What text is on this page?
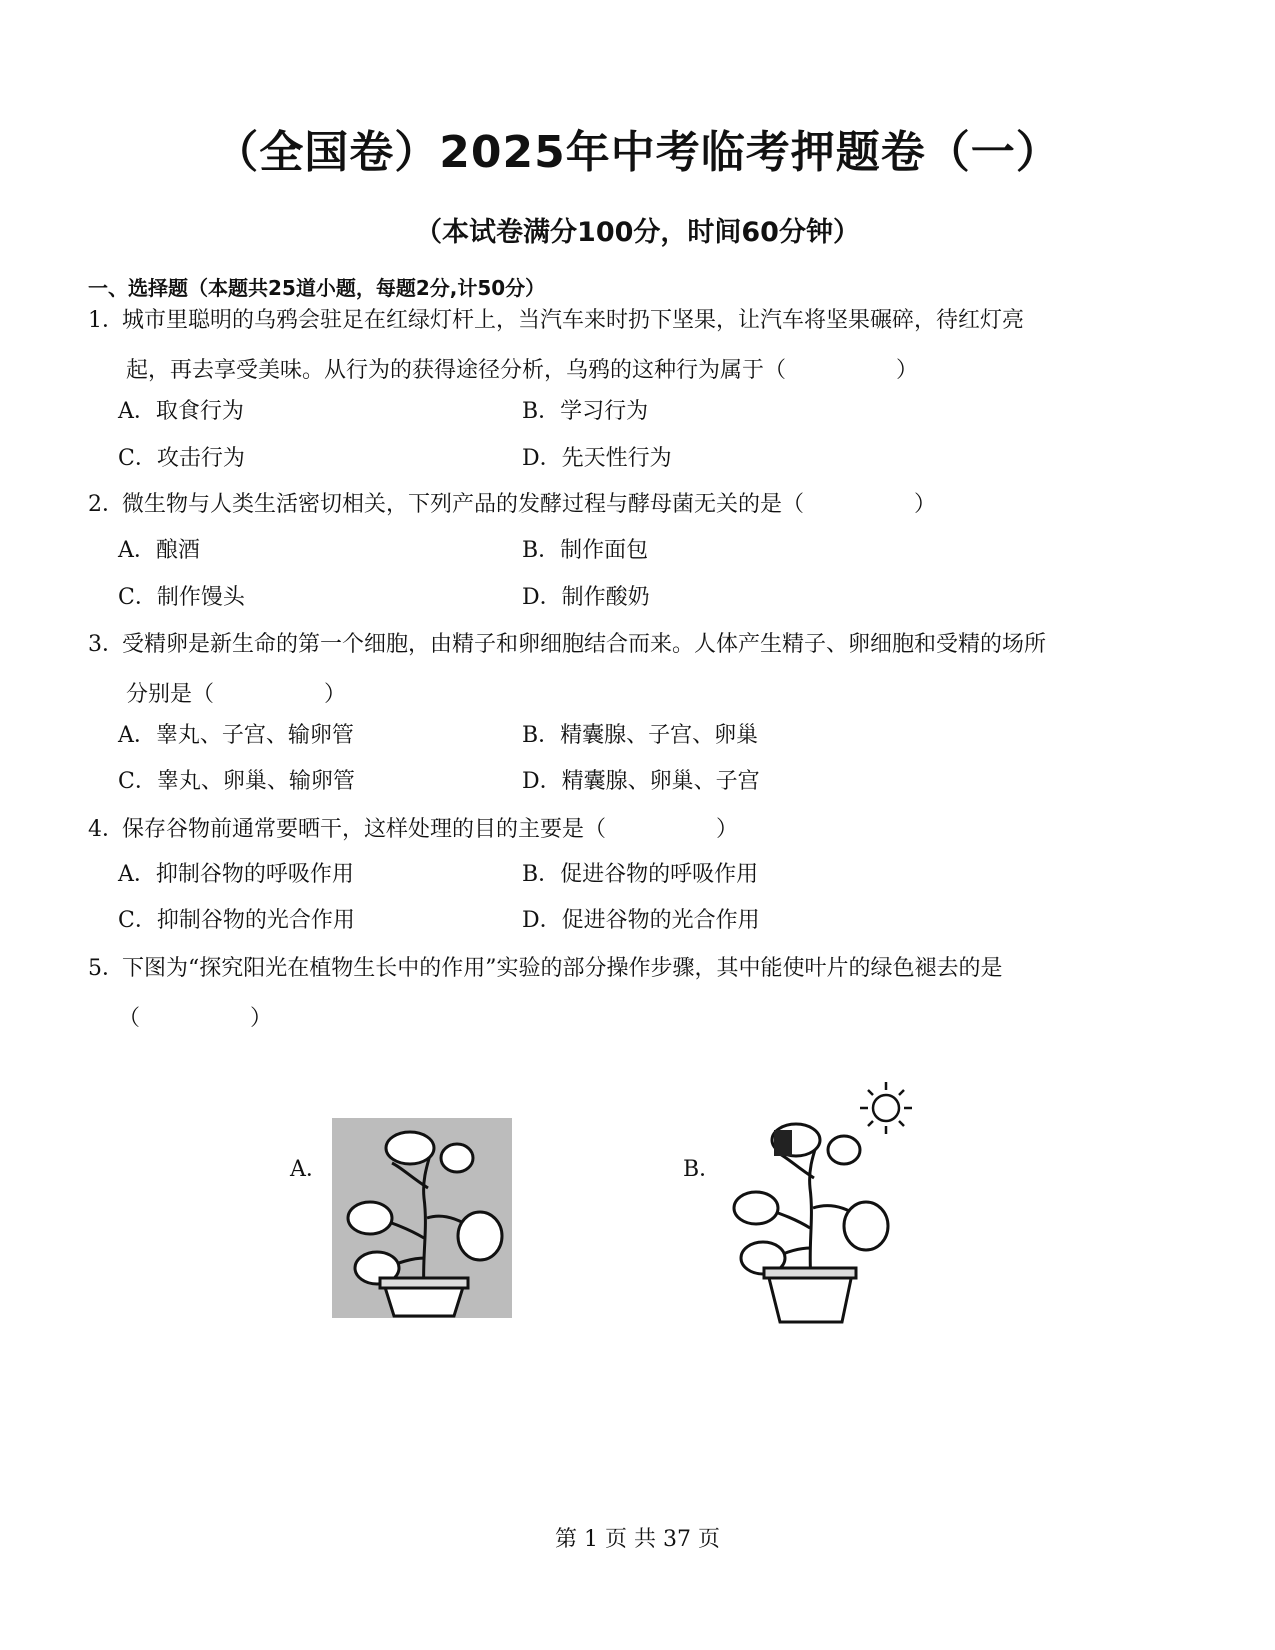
（全国卷）2025年中考临考押题卷（一）
（本试卷满分100分，时间60分钟）
一、选择题（本题共25道小题，每题2分,计50分）
1．城市里聪明的乌鸦会驻足在红绿灯杆上，当汽车来时扔下坚果，让汽车将坚果碾碎，待红灯亮
起，再去享受美味。从行为的获得途径分析，乌鸦的这种行为属于（　　　　　）
A．取食行为	B．学习行为
C．攻击行为	D．先天性行为
2．微生物与人类生活密切相关，下列产品的发酵过程与酵母菌无关的是（　　　　　）
A．酿酒	B．制作面包
C．制作馒头	D．制作酸奶
3．受精卵是新生命的第一个细胞，由精子和卵细胞结合而来。人体产生精子、卵细胞和受精的场所
分别是（　　　　　）
A．睾丸、子宫、输卵管	B．精囊腺、子宫、卵巢
C．睾丸、卵巢、输卵管	D．精囊腺、卵巢、子宫
4．保存谷物前通常要晒干，这样处理的目的主要是（　　　　　）
A．抑制谷物的呼吸作用	B．促进谷物的呼吸作用
C．抑制谷物的光合作用	D．促进谷物的光合作用
5．下图为“探究阳光在植物生长中的作用”实验的部分操作步骤，其中能使叶片的绿色褪去的是
（　　　　　）
A．	B．
第 1 页 共 37 页
